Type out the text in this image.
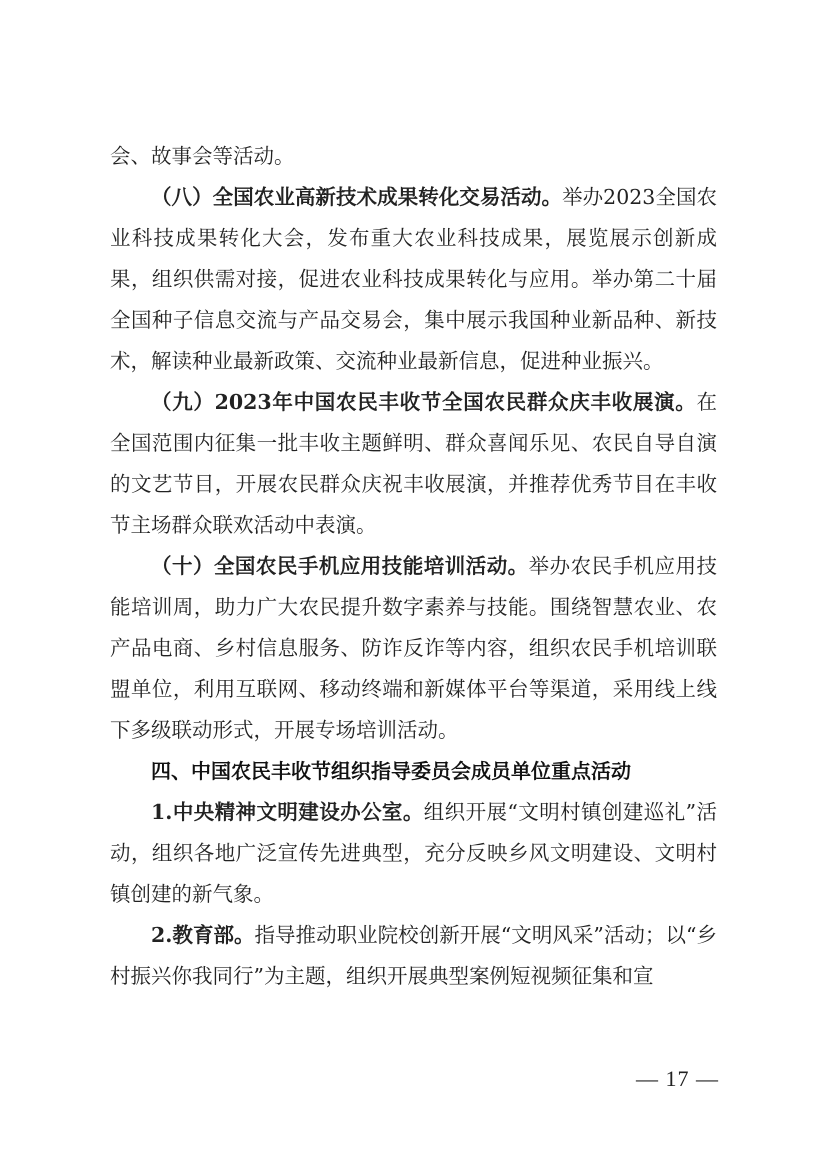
会、故事会等活动。

（八）全国农业高新技术成果转化交易活动。举办2023全国农业科技成果转化大会，发布重大农业科技成果，展览展示创新成果，组织供需对接，促进农业科技成果转化与应用。举办第二十届全国种子信息交流与产品交易会，集中展示我国种业新品种、新技术，解读种业最新政策、交流种业最新信息，促进种业振兴。

（九）2023年中国农民丰收节全国农民群众庆丰收展演。在全国范围内征集一批丰收主题鲜明、群众喜闻乐见、农民自导自演的文艺节目，开展农民群众庆祝丰收展演，并推荐优秀节目在丰收节主场群众联欢活动中表演。

（十）全国农民手机应用技能培训活动。举办农民手机应用技能培训周，助力广大农民提升数字素养与技能。围绕智慧农业、农产品电商、乡村信息服务、防诈反诈等内容，组织农民手机培训联盟单位，利用互联网、移动终端和新媒体平台等渠道，采用线上线下多级联动形式，开展专场培训活动。

四、中国农民丰收节组织指导委员会成员单位重点活动

1.中央精神文明建设办公室。组织开展“文明村镇创建巡礼”活动，组织各地广泛宣传先进典型，充分反映乡风文明建设、文明村镇创建的新气象。

2.教育部。指导推动职业院校创新开展“文明风采”活动；以“乡村振兴你我同行”为主题，组织开展典型案例短视频征集和宣

— 17 —
